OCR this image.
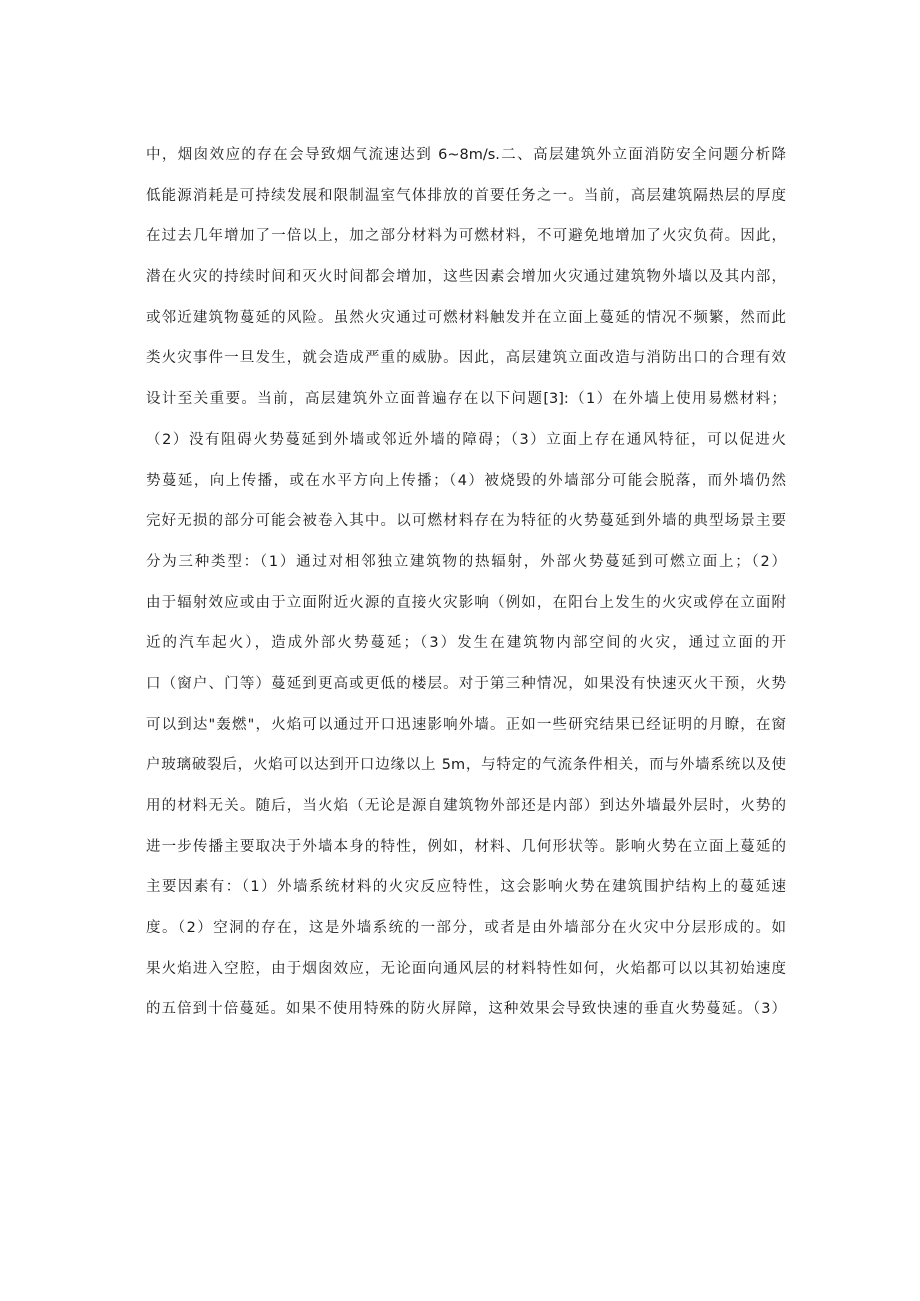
中，烟囱效应的存在会导致烟气流速达到 6~8m/s.二、高层建筑外立面消防安全问题分析降
低能源消耗是可持续发展和限制温室气体排放的首要任务之一。当前，高层建筑隔热层的厚度
在过去几年增加了一倍以上，加之部分材料为可燃材料，不可避免地增加了火灾负荷。因此，
潜在火灾的持续时间和灭火时间都会增加，这些因素会增加火灾通过建筑物外墙以及其内部，
或邻近建筑物蔓延的风险。虽然火灾通过可燃材料触发并在立面上蔓延的情况不频繁，然而此
类火灾事件一旦发生，就会造成严重的威胁。因此，高层建筑立面改造与消防出口的合理有效
设计至关重要。当前，高层建筑外立面普遍存在以下问题[3]:（1）在外墙上使用易燃材料；
（2）没有阻碍火势蔓延到外墙或邻近外墙的障碍；（3）立面上存在通风特征，可以促进火
势蔓延，向上传播，或在水平方向上传播；（4）被烧毁的外墙部分可能会脱落，而外墙仍然
完好无损的部分可能会被卷入其中。以可燃材料存在为特征的火势蔓延到外墙的典型场景主要
分为三种类型：（1）通过对相邻独立建筑物的热辐射，外部火势蔓延到可燃立面上；（2）
由于辐射效应或由于立面附近火源的直接火灾影响（例如，在阳台上发生的火灾或停在立面附
近的汽车起火），造成外部火势蔓延；（3）发生在建筑物内部空间的火灾，通过立面的开
口（窗户、门等）蔓延到更高或更低的楼层。对于第三种情况，如果没有快速灭火干预，火势
可以到达"轰燃"，火焰可以通过开口迅速影响外墙。正如一些研究结果已经证明的月瞭，在窗
户玻璃破裂后，火焰可以达到开口边缘以上 5m，与特定的气流条件相关，而与外墙系统以及使
用的材料无关。随后，当火焰（无论是源自建筑物外部还是内部）到达外墙最外层时，火势的
进一步传播主要取决于外墙本身的特性，例如，材料、几何形状等。影响火势在立面上蔓延的
主要因素有：（1）外墙系统材料的火灾反应特性，这会影响火势在建筑围护结构上的蔓延速
度。（2）空洞的存在，这是外墙系统的一部分，或者是由外墙部分在火灾中分层形成的。如
果火焰进入空腔，由于烟囱效应，无论面向通风层的材料特性如何，火焰都可以以其初始速度
的五倍到十倍蔓延。如果不使用特殊的防火屏障，这种效果会导致快速的垂直火势蔓延。（3）
